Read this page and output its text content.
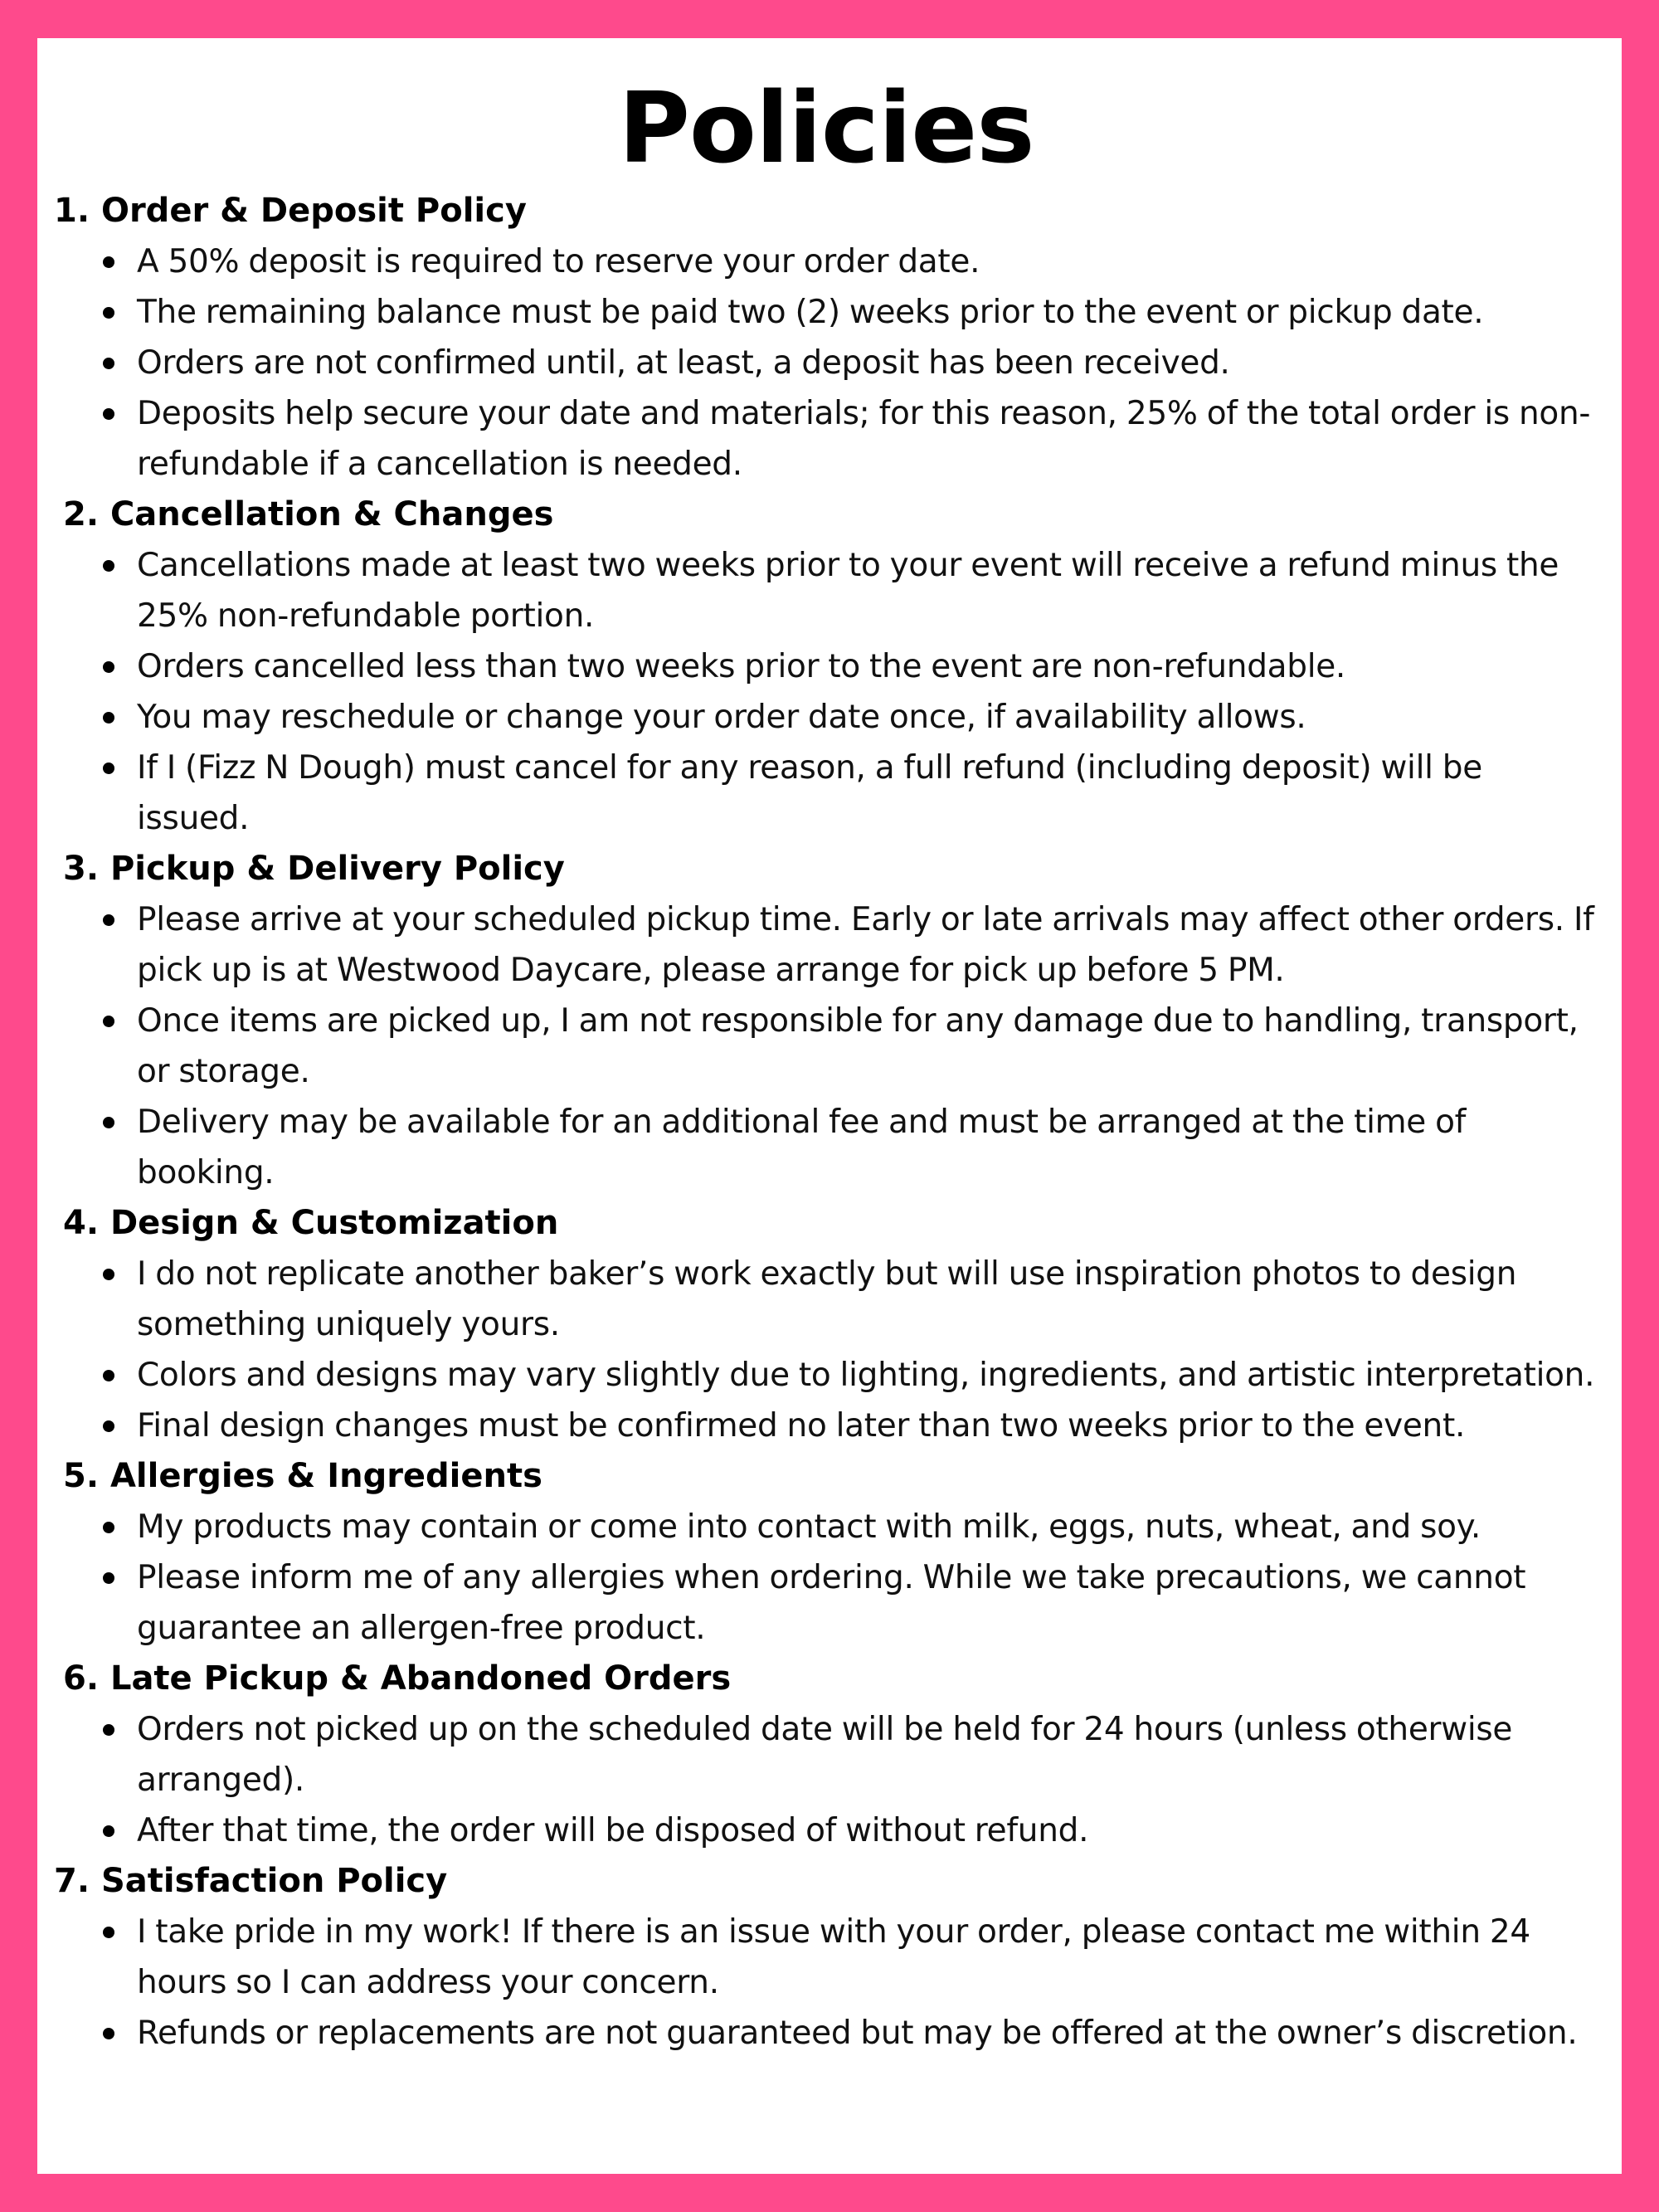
Policies
1. Order & Deposit Policy
A 50% deposit is required to reserve your order date.
The remaining balance must be paid two (2) weeks prior to the event or pickup date.
Orders are not confirmed until, at least, a deposit has been received.
Deposits help secure your date and materials; for this reason, 25% of the total order is non-refundable if a cancellation is needed.
2. Cancellation & Changes
Cancellations made at least two weeks prior to your event will receive a refund minus the 25% non-refundable portion.
Orders cancelled less than two weeks prior to the event are non-refundable.
You may reschedule or change your order date once, if availability allows.
If I (Fizz N Dough) must cancel for any reason, a full refund (including deposit) will be issued.
3. Pickup & Delivery Policy
Please arrive at your scheduled pickup time. Early or late arrivals may affect other orders. If pick up is at Westwood Daycare, please arrange for pick up before 5 PM.
Once items are picked up, I am not responsible for any damage due to handling, transport, or storage.
Delivery may be available for an additional fee and must be arranged at the time of booking.
4. Design & Customization
I do not replicate another baker’s work exactly but will use inspiration photos to design something uniquely yours.
Colors and designs may vary slightly due to lighting, ingredients, and artistic interpretation.
Final design changes must be confirmed no later than two weeks prior to the event.
5. Allergies & Ingredients
My products may contain or come into contact with milk, eggs, nuts, wheat, and soy.
Please inform me of any allergies when ordering. While we take precautions, we cannot guarantee an allergen-free product.
6. Late Pickup & Abandoned Orders
Orders not picked up on the scheduled date will be held for 24 hours (unless otherwise arranged).
After that time, the order will be disposed of without refund.
7. Satisfaction Policy
I take pride in my work! If there is an issue with your order, please contact me within 24 hours so I can address your concern.
Refunds or replacements are not guaranteed but may be offered at the owner’s discretion.
